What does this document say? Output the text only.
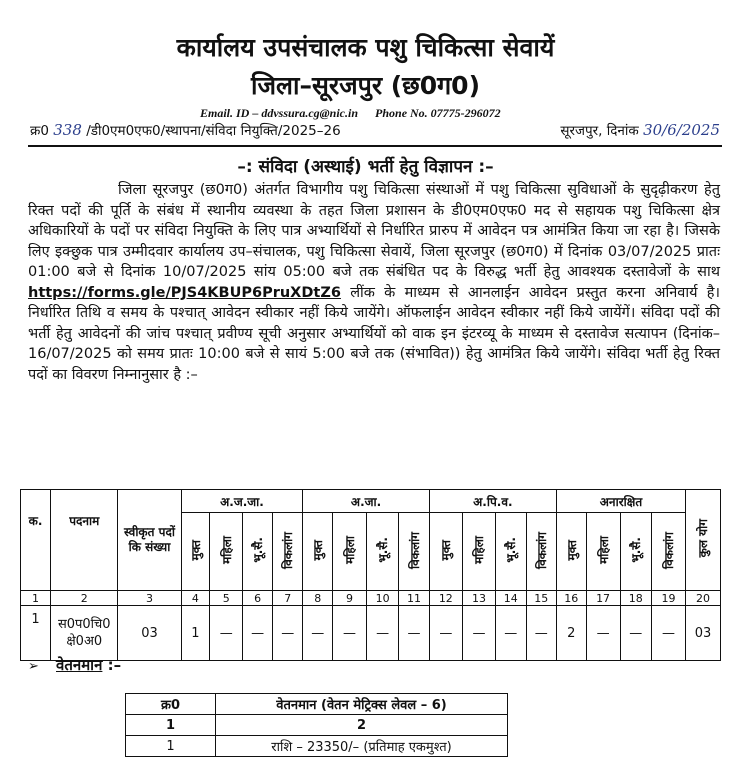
कार्यालय उपसंचालक पशु चिकित्सा सेवायें
जिला–सूरजपुर (छ0ग0)
Email. ID – ddvssura.cg@nic.in Phone No. 07775-296072
क्र0 338 /डी0एम0एफ0/स्थापना/संविदा नियुक्ति/2025–26	सूरजपुर, दिनांक 30/6/2025
–: संविदा (अस्थाई) भर्ती हेतु विज्ञापन :–
जिला सूरजपुर (छ0ग0) अंतर्गत विभागीय पशु चिकित्सा संस्थाओं में पशु चिकित्सा सुविधाओं के सुदृढ़ीकरण हेतु रिक्त पदों की पूर्ति के संबंध में स्थानीय व्यवस्था के तहत जिला प्रशासन के डी0एम0एफ0 मद से सहायक पशु चिकित्सा क्षेत्र अधिकारियों के पदों पर संविदा नियुक्ति के लिए पात्र अभ्यार्थियों से निर्धारित प्रारुप में आवेदन पत्र आमंत्रित किया जा रहा है। जिसके लिए इक्छुक पात्र उम्मीदवार कार्यालय उप–संचालक, पशु चिकित्सा सेवायें, जिला सूरजपुर (छ0ग0) में दिनांक 03/07/2025 प्रातः 01:00 बजे से दिनांक 10/07/2025 सांय 05:00 बजे तक संबंधित पद के विरुद्ध भर्ती हेतु आवश्यक दस्तावेजों के साथ https://forms.gle/PJS4KBUP6PruXDtZ6 लींक के माध्यम से आनलाईन आवेदन प्रस्तुत करना अनिवार्य है। निर्धारित तिथि व समय के पश्चात् आवेदन स्वीकार नहीं किये जायेंगे। ऑफलाईन आवेदन स्वीकार नहीं किये जायेंगें। संविदा पदों की भर्ती हेतु आवेदनों की जांच पश्चात् प्रवीण्य सूची अनुसार अभ्यार्थियों को वाक इन इंटरव्यू के माध्यम से दस्तावेज सत्यापन (दिनांक–16/07/2025 को समय प्रातः 10:00 बजे से सायं 5:00 बजे तक (संभावित)) हेतु आमंत्रित किये जायेंगे। संविदा भर्ती हेतु रिक्त पदों का विवरण निम्नानुसार है :–
क.	पदनाम	स्वीकृत पदों कि संख्या	अ.ज.जा.				अ.जा.				अ.पि.व.				अनारक्षित				कुल योग
			मुक्त	महिला	भू.सै.	विकलांग	मुक्त	महिला	भू.सै.	विकलांग	मुक्त	महिला	भू.सै.	विकलांग	मुक्त	महिला	भू.सै.	विकलांग	
1	2	3	4	5	6	7	8	9	10	11	12	13	14	15	16	17	18	19	20
1	स0प0चि0 क्षे0अ0	03	1	—	—	—	—	—	—	—	—	—	—	—	2	—	—	—	03
➢ वेतनमान :–
क्र0	वेतनमान (वेतन मेट्रिक्स लेवल – 6)
1	2
1	राशि – 23350/– (प्रतिमाह एकमुश्त)
